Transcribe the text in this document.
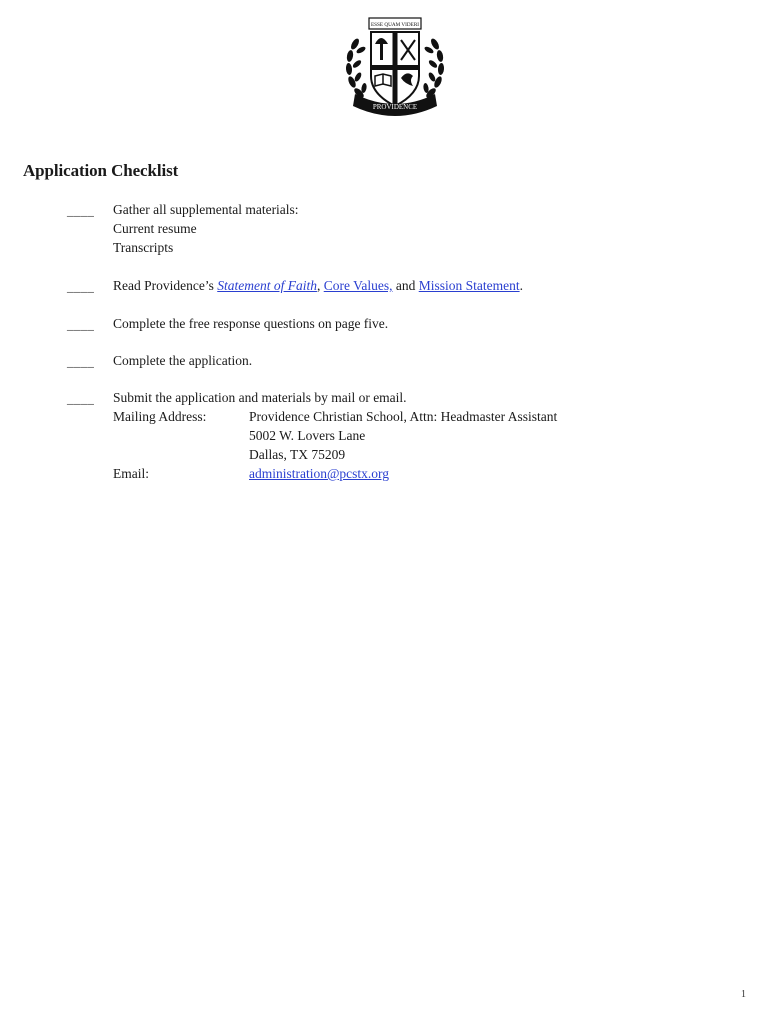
ESSE QUAM VIDERI
PROVIDENCE
Application Checklist
____	Gather all supplemental materials:
Current resume
Transcripts
____	Read Providence’s Statement of Faith, Core Values, and Mission Statement.
____	Complete the free response questions on page five.
____	Complete the application.
____	Submit the application and materials by mail or email.
Mailing Address:	Providence Christian School, Attn: Headmaster Assistant
5002 W. Lovers Lane
Dallas, TX 75209
Email:	administration@pcstx.org
1
